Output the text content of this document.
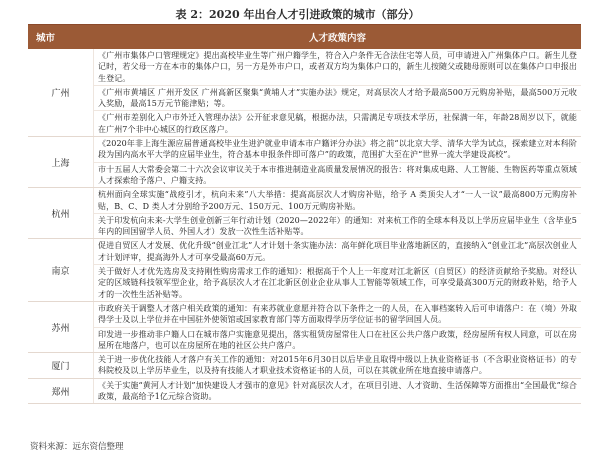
表 2：2020 年出台人才引进政策的城市（部分）
城市	人才政策内容
广州
《广州市集体户口管理规定》提出高校毕业生等广州户籍学生，符合入户条件无合法住宅等人员，可申请进入广州集体户口。新生儿登记时，若父母一方在本市的集体户口，另一方是外市户口，或者双方均为集体户口的，新生儿按随父或随母原则可以在集体户口申报出生登记。
《广州市黄埔区 广州开发区 广州高新区聚集“黄埔人才”实施办法》规定，对高层次人才给予最高500万元购房补贴，最高500万元收入奖励，最高15万元节能津贴；等。
《广州市差别化入户市外迁入管理办法》公开征求意见稿，根据办法，只需满足专项技术学历，社保满一年，年龄28周岁以下，就能在广州7个非中心城区的行政区落户。
上海
《2020年非上海生源应届普通高校毕业生进沪就业申请本市户籍评分办法》将之前“以北京大学、清华大学为试点，探索建立对本科阶段为国内高水平大学的应届毕业生，符合基本申报条件即可落户”的政策，范围扩大至在沪“世界一流大学建设高校”。
市十五届人大常委会第二十六次会议审议关于本市推进制造业高质量发展情况的报告：将对集成电路、人工智能、生物医药等重点领域人才探索给予落户、户籍支持。
杭州
杭州面向全球实施“战疫引才，杭向未来”八大举措：提高高层次人才购房补贴，给予 A 类顶尖人才“一人一议”最高800万元购房补贴，B、C、D 类人才分别给予200万元、150万元、100万元购房补贴。
关于印发杭向未来-大学生创业创新三年行动计划（2020—2022年）的通知：对来杭工作的全球本科及以上学历应届毕业生（含毕业5年内的回国留学人员、外国人才）发放一次性生活补贴等。
南京
促进自贸区人才发展、优化升级“创业江北”人才计划十条实施办法：高年鲜化项目毕业落地新区的，直接纳入“创业江北”高层次创业人才计划评审，提高海外人才可享受最高60万元。
关于做好人才优先选房及支持刚性购房需求工作的通知》：根据高于个人上一年度对江北新区（自贸区）的经济贡献给予奖励。对经认定的区域链科技领军型企业，给予高层次人才在江北新区创业企业从事人工智能等领域工作，可享受最高300万元的财政补贴，给予人才的一次性生活补贴等。
苏州
市政府关于调整人才落户相关政策的通知：有来苏就业意愿并符合以下条件之一的人员，在入事档案转入后可申请落户：在（境）外取得学士及以上学位并在中国驻外使领馆或国家教育部门等方面取得学历学位证书的留学回国人员。
印发进一步推动非户籍人口在城市落户实施意见提出，落实租赁房屋常住人口在社区公共户落户政策，经房屋所有权人同意，可以在房屋所在地落户，也可以在房屋所在地的社区公共户落户。
厦门
关于进一步优化技能人才落户有关工作的通知：对2015年6月30日以后毕业且取得中级以上执业资格证书（不含职业资格证书）的专科院校及以上学历毕业生，以及持有技能人才职业技术资格证书的人员，可以在其就业所在地直接申请落户。
郑州
《关于实施“黄河人才计划”加快建设人才强市的意见》针对高层次人才，在项目引进、人才资助、生活保障等方面推出“全国最优”综合政策，最高给予1亿元综合资助。
资料来源：远东资信整理
